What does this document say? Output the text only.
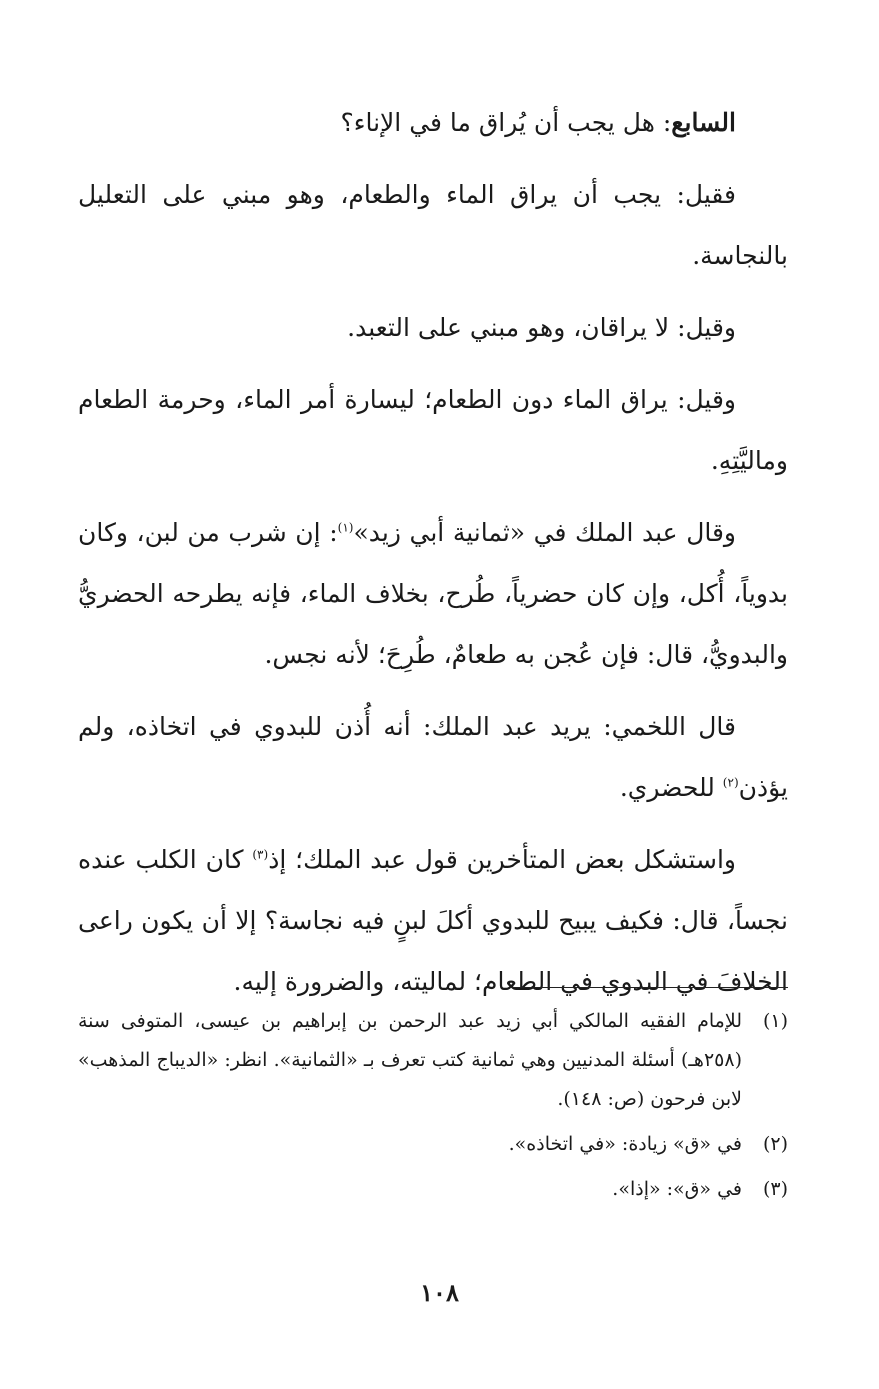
السابع: هل يجب أن يُراق ما في الإناء؟

فقيل: يجب أن يراق الماء والطعام، وهو مبني على التعليل بالنجاسة.

وقيل: لا يراقان، وهو مبني على التعبد.

وقيل: يراق الماء دون الطعام؛ ليسارة أمر الماء، وحرمة الطعام وماليَّتِهِ.

وقال عبد الملك في «ثمانية أبي زيد»$^{(١)}$: إن شرب من لبن، وكان بدوياً، أُكل، وإن كان حضرياً، طُرح، بخلاف الماء، فإنه يطرحه الحضريُّ والبدويُّ، قال: فإن عُجن به طعامٌ، طُرِحَ؛ لأنه نجس.

قال اللخمي: يريد عبد الملك: أنه أُذن للبدوي في اتخاذه، ولم يؤذن$^{(٢)}$ للحضري.

واستشكل بعض المتأخرين قول عبد الملك؛ إذ$^{(٣)}$ كان الكلب عنده نجساً، قال: فكيف يبيح للبدوي أكلَ لبنٍ فيه نجاسة؟ إلا أن يكون راعى الخلافَ في البدوي في الطعام؛ لماليته، والضرورة إليه.

(١)
للإمام الفقيه المالكي أبي زيد عبد الرحمن بن إبراهيم بن عيسى، المتوفى سنة (٢٥٨هـ) أسئلة المدنيين وهي ثمانية كتب تعرف بـ «الثمانية». انظر: «الديباج المذهب» لابن فرحون (ص: ١٤٨).
(٢)
في «ق» زيادة: «في اتخاذه».
(٣)
في «ق»: «إذا».
١٠٨
